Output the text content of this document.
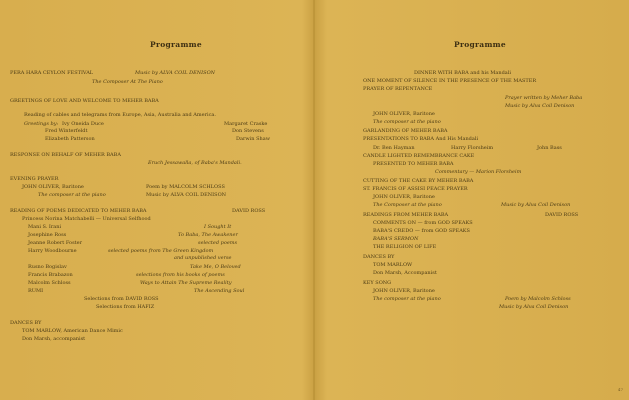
Programme
PERA HARA CEYLON FESTIVAL	Music by ALVA COIL DENISON
The Composer At The Piano
GREETINGS OF LOVE AND WELCOME TO MEHER BABA
Reading of cables and telegrams from Europe, Asia, Australia and America.
Greetings by: Ivy Oneida Duce	Margaret Craske
Fred Winterfeldt	Don Stevens
Elizabeth Patterson	Darwin Shaw
RESPONSE ON BEHALF OF MEHER BABA
Eruch Jessawalla, of Baba's Mandali.
EVENING PRAYER
JOHN OLIVER, Baritone	Poem by MALCOLM SCHLOSS
The composer at the piano	Music by ALVA COIL DENISON
READING OF POEMS DEDICATED TO MEHER BABA	DAVID ROSS
Princess Norina Matchabelli — Universal Selfhood
Mani S. Irani	I Sought It
Josephine Ross	To Baba, The Awakener
Jeanne Robert Foster	selected poems
Harry Woodbourne	selected poems from The Green Kingdom
and unpublished verse
Rusno Bogislav	Take Me, O Beloved
Francis Brabazon	selections from his books of poems
Malcolm Schloss	Ways to Attain The Supreme Reality
RUMI	The Ascending Soul
Selections from DAVID ROSS
Selections from HAFIZ
DANCES BY
TOM MARLOW, American Dance Mimic
Don Marsh, accompanist
Programme
DINNER WITH BABA and his Mandali
ONE MOMENT OF SILENCE IN THE PRESENCE OF THE MASTER
PRAYER OF REPENTANCE
Prayer written by Meher Baba
Music by Alva Coil Denison
JOHN OLIVER, Baritone
The composer at the piano
GARLANDING OF MEHER BABA
PRESENTATIONS TO BABA And His Mandali
Dr. Ben Hayman	Harry Florsheim	John Bass
CANDLE LIGHTED REMEMBRANCE CAKE
PRESENTED TO MEHER BABA
Commentary — Marion Florsheim
CUTTING OF THE CAKE BY MEHER BABA
ST. FRANCIS OF ASSISI PEACE PRAYER
JOHN OLIVER, Baritone
The Composer at the piano	Music by Alva Coil Denison
READINGS FROM MEHER BABA	DAVID ROSS
COMMENTS ON — from GOD SPEAKS
BABA'S CREDO — from GOD SPEAKS
BABA'S SERMON
THE RELIGION OF LIFE
DANCES BY
TOM MARLOW
Don Marsh, Accompanist
KEY SONG
JOHN OLIVER, Baritone
The composer at the piano	Poem by Malcolm Schloss
Music by Alva Coil Denison
47
